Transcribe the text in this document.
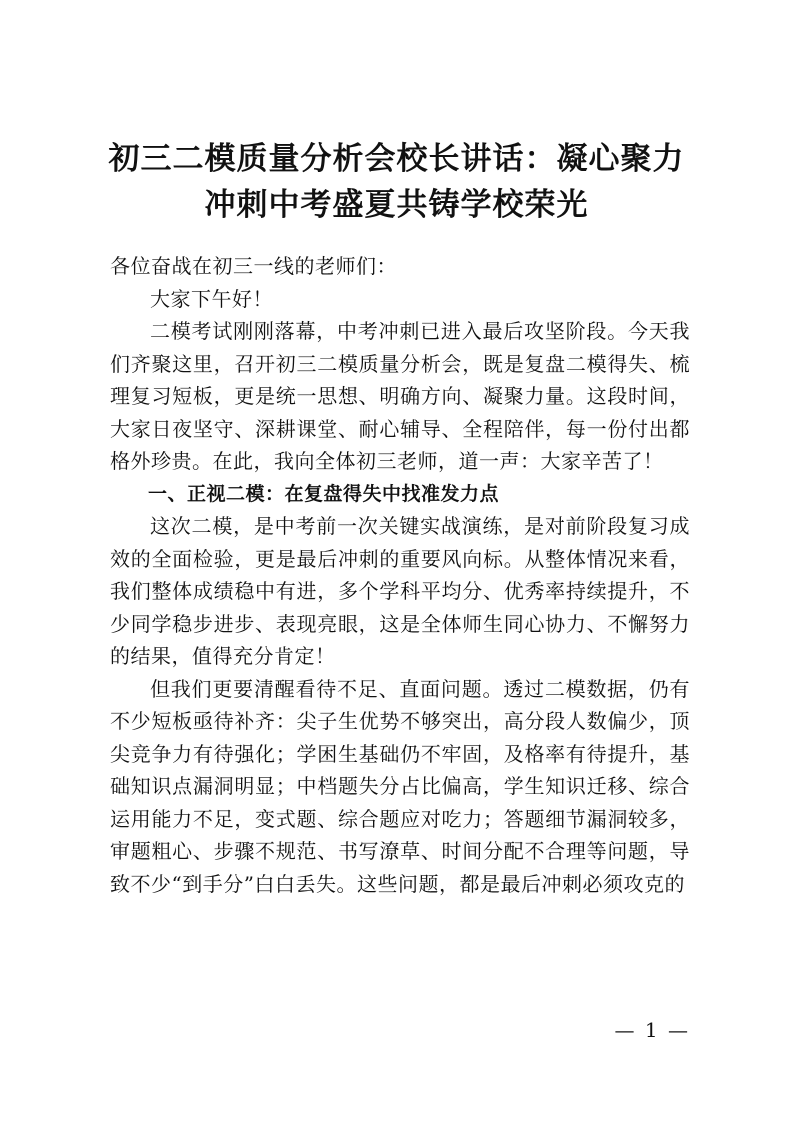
初三二模质量分析会校长讲话：凝心聚力
冲刺中考盛夏共铸学校荣光

各位奋战在初三一线的老师们：

大家下午好！

二模考试刚刚落幕，中考冲刺已进入最后攻坚阶段。今天我们齐聚这里，召开初三二模质量分析会，既是复盘二模得失、梳理复习短板，更是统一思想、明确方向、凝聚力量。这段时间，大家日夜坚守、深耕课堂、耐心辅导、全程陪伴，每一份付出都格外珍贵。在此，我向全体初三老师，道一声：大家辛苦了！

一、正视二模：在复盘得失中找准发力点

这次二模，是中考前一次关键实战演练，是对前阶段复习成效的全面检验，更是最后冲刺的重要风向标。从整体情况来看，我们整体成绩稳中有进，多个学科平均分、优秀率持续提升，不少同学稳步进步、表现亮眼，这是全体师生同心协力、不懈努力的结果，值得充分肯定！

但我们更要清醒看待不足、直面问题。透过二模数据，仍有不少短板亟待补齐：尖子生优势不够突出，高分段人数偏少，顶尖竞争力有待强化；学困生基础仍不牢固，及格率有待提升，基础知识点漏洞明显；中档题失分占比偏高，学生知识迁移、综合运用能力不足，变式题、综合题应对吃力；答题细节漏洞较多，审题粗心、步骤不规范、书写潦草、时间分配不合理等问题，导致不少“到手分”白白丢失。这些问题，都是最后冲刺必须攻克的

— 1 —
